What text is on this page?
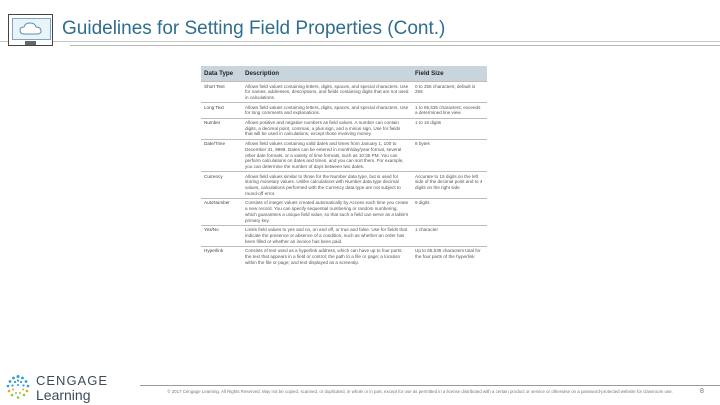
Guidelines for Setting Field Properties (Cont.)
Data Type	Description	Field Size
Short Text	Allows field values containing letters, digits, spaces, and special characters. Use for names, addresses, descriptions, and fields containing digits that are not used in calculations.	0 to 255 characters; default is 255
Long Text	Allows field values containing letters, digits, spaces, and special characters. Use for long comments and explanations.	1 to 65,535 characters; exceeds a determined line view
Number	Allows positive and negative numbers as field values. A number can contain digits, a decimal point, commas, a plus sign, and a minus sign. Use for fields that will be used in calculations, except those involving money.	1 to 15 digits
Date/Time	Allows field values containing valid dates and times from January 1, 100 to December 31, 9999. Dates can be entered in month/day/year format, several other date formats, or a variety of time formats, such as 10:35 PM. You can perform calculations on dates and times, and you can sort them. For example, you can determine the number of days between two dates.	8 bytes
Currency	Allows field values similar to those for the Number data type, but is used for storing monetary values. Unlike calculations with Number data type decimal values, calculations performed with the Currency data type are not subject to round-off error.	Accurate to 15 digits on the left side of the decimal point and to 4 digits on the right side
AutoNumber	Consists of integer values created automatically by Access each time you create a new record. You can specify sequential numbering or random numbering, which guarantees a unique field value, so that such a field can serve as a table's primary key.	9 digits
Yes/No	Limits field values to yes and no, on and off, or true and false. Use for fields that indicate the presence or absence of a condition, such as whether an order has been filled or whether an invoice has been paid.	1 character
Hyperlink	Consists of text used as a hyperlink address, which can have up to four parts: the text that appears in a field or control; the path to a file or page; a location within the file or page; and text displayed as a screentip.	Up to 65,535 characters total for the four parts of the hyperlink
CENGAGE
Learning	© 2017 Cengage Learning. All Rights Reserved. May not be copied, scanned, or duplicated, in whole or in part, except for use as permitted in a license distributed with a certain product or service or otherwise on a password-protected website for classroom use.	8
